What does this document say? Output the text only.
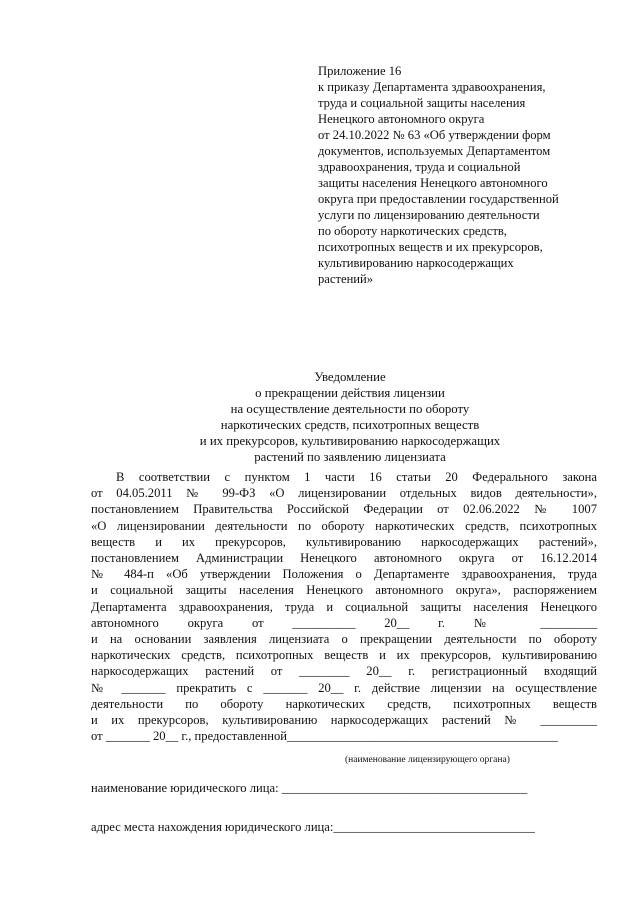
Приложение 16
к приказу Департамента здравоохранения,
труда и социальной защиты населения
Ненецкого автономного округа
от 24.10.2022 № 63 «Об утверждении форм
документов, используемых Департаментом
здравоохранения, труда и социальной
защиты населения Ненецкого автономного
округа при предоставлении государственной
услуги по лицензированию деятельности
по обороту наркотических средств,
психотропных веществ и их прекурсоров,
культивированию наркосодержащих
растений»
Уведомление
о прекращении действия лицензии
на осуществление деятельности по обороту
наркотических средств, психотропных веществ
и их прекурсоров, культивированию наркосодержащих
растений по заявлению лицензиата
В соответствии с пунктом 1 части 16 статьи 20 Федерального закона
от 04.05.2011 № 99-ФЗ «О лицензировании отдельных видов деятельности»,
постановлением Правительства Российской Федерации от 02.06.2022 № 1007
«О лицензировании деятельности по обороту наркотических средств, психотропных
веществ и их прекурсоров, культивированию наркосодержащих растений»,
постановлением Администрации Ненецкого автономного округа от 16.12.2014
№ 484-п «Об утверждении Положения о Департаменте здравоохранения, труда
и социальной защиты населения Ненецкого автономного округа», распоряжением
Департамента здравоохранения, труда и социальной защиты населения Ненецкого
автономного округа от __________ 20__ г. № _________
и на основании заявления лицензиата о прекращении деятельности по обороту
наркотических средств, психотропных веществ и их прекурсоров, культивированию
наркосодержащих растений от ________ 20__ г. регистрационный входящий
№ _______ прекратить с _______ 20__ г. действие лицензии на осуществление
деятельности по обороту наркотических средств, психотропных веществ
и их прекурсоров, культивированию наркосодержащих растений № _________
от _______ 20__ г., предоставленной___________________________________________
(наименование лицензирующего органа)
наименование юридического лица: _______________________________________
адрес места нахождения юридического лица:________________________________
